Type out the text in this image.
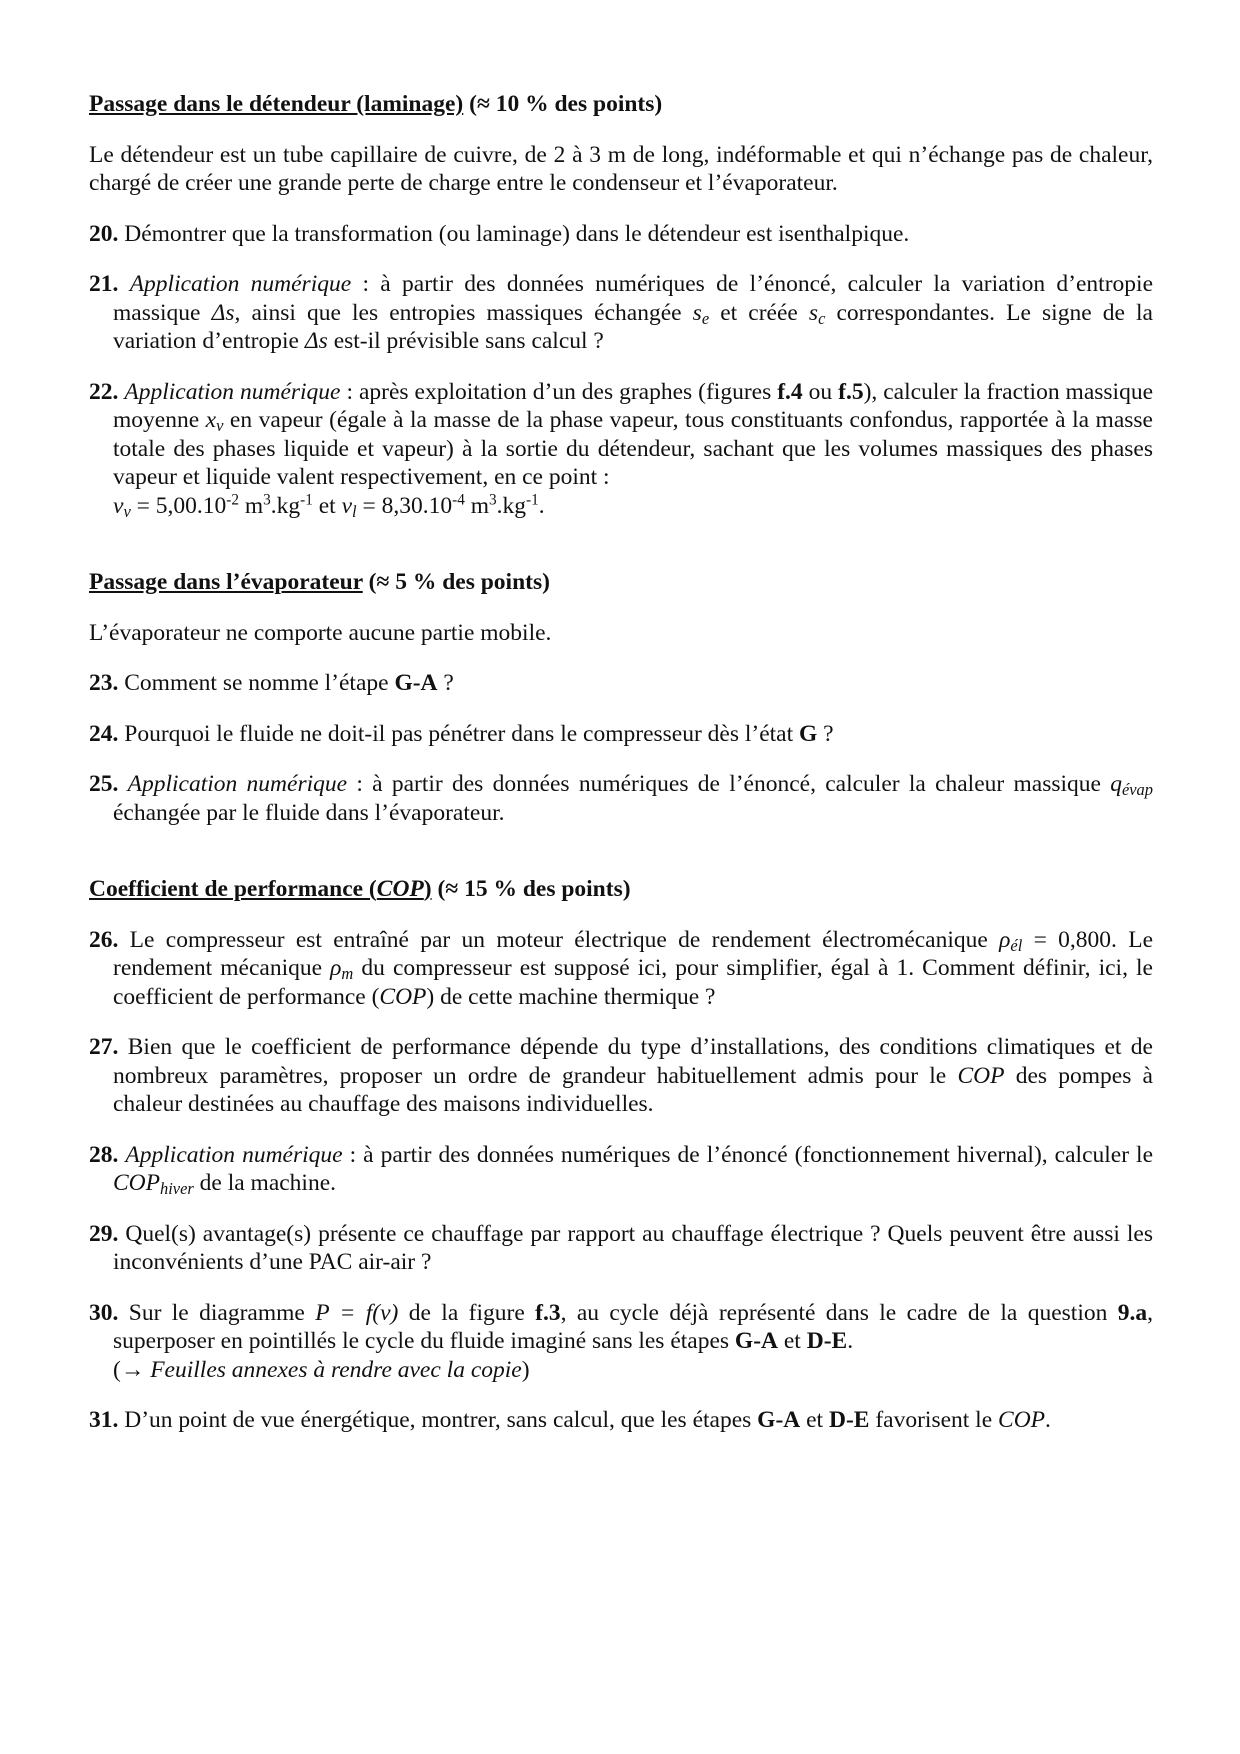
Passage dans le détendeur (laminage) (≈ 10 % des points)

Le détendeur est un tube capillaire de cuivre, de 2 à 3 m de long, indéformable et qui n’échange pas de chaleur, chargé de créer une grande perte de charge entre le condenseur et l’évaporateur.

20. Démontrer que la transformation (ou laminage) dans le détendeur est isenthalpique.

21. Application numérique : à partir des données numériques de l’énoncé, calculer la variation d’entropie massique Δs, ainsi que les entropies massiques échangée $s_e$ et créée $s_c$ correspondantes. Le signe de la variation d’entropie Δs est-il prévisible sans calcul ?

22. Application numérique : après exploitation d’un des graphes (figures f.4 ou f.5), calculer la fraction massique moyenne $x_v$ en vapeur (égale à la masse de la phase vapeur, tous constituants confondus, rapportée à la masse totale des phases liquide et vapeur) à la sortie du détendeur, sachant que les volumes massiques des phases vapeur et liquide valent respectivement, en ce point :
$v_v = 5,00.10^{-2}$ $m^3.kg^{-1}$ et $v_l = 8,30.10^{-4}$ $m^3.kg^{-1}$.

Passage dans l’évaporateur (≈ 5 % des points)

L’évaporateur ne comporte aucune partie mobile.

23. Comment se nomme l’étape G-A ?

24. Pourquoi le fluide ne doit-il pas pénétrer dans le compresseur dès l’état G ?

25. Application numérique : à partir des données numériques de l’énoncé, calculer la chaleur massique $q_{évap}$ échangée par le fluide dans l’évaporateur.

Coefficient de performance (COP) (≈ 15 % des points)

26. Le compresseur est entraîné par un moteur électrique de rendement électromécanique $\rho_{él} = 0,800$. Le rendement mécanique $\rho_m$ du compresseur est supposé ici, pour simplifier, égal à 1. Comment définir, ici, le coefficient de performance (COP) de cette machine thermique ?

27. Bien que le coefficient de performance dépende du type d’installations, des conditions climatiques et de nombreux paramètres, proposer un ordre de grandeur habituellement admis pour le COP des pompes à chaleur destinées au chauffage des maisons individuelles.

28. Application numérique : à partir des données numériques de l’énoncé (fonctionnement hivernal), calculer le $COP_{hiver}$ de la machine.

29. Quel(s) avantage(s) présente ce chauffage par rapport au chauffage électrique ? Quels peuvent être aussi les inconvénients d’une PAC air-air ?

30. Sur le diagramme P = f(v) de la figure f.3, au cycle déjà représenté dans le cadre de la question 9.a, superposer en pointillés le cycle du fluide imaginé sans les étapes G-A et D-E.
(→ Feuilles annexes à rendre avec la copie)

31. D’un point de vue énergétique, montrer, sans calcul, que les étapes G-A et D-E favorisent le COP.
